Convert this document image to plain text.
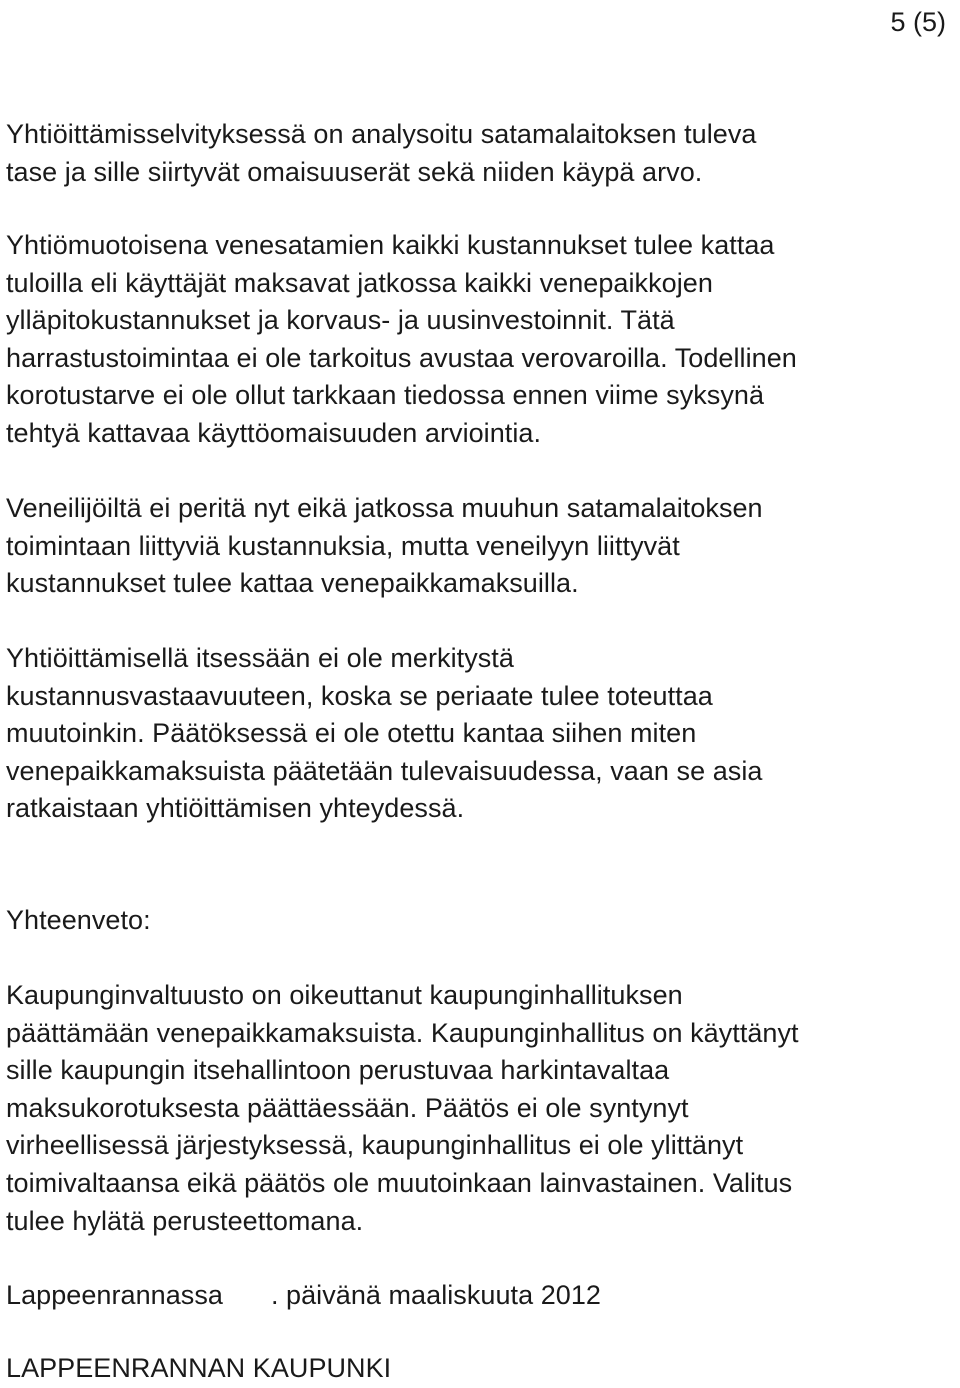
5 (5)

Yhtiöittämisselvityksessä on analysoitu satamalaitoksen tuleva
tase ja sille siirtyvät omaisuuserät sekä niiden käypä arvo.

Yhtiömuotoisena venesatamien kaikki kustannukset tulee kattaa
tuloilla eli käyttäjät maksavat jatkossa kaikki venepaikkojen
ylläpitokustannukset ja korvaus- ja uusinvestoinnit. Tätä
harrastustoimintaa ei ole tarkoitus avustaa verovaroilla. Todellinen
korotustarve ei ole ollut tarkkaan tiedossa ennen viime syksynä
tehtyä kattavaa käyttöomaisuuden arviointia.

Veneilijöiltä ei peritä nyt eikä jatkossa muuhun satamalaitoksen
toimintaan liittyviä kustannuksia, mutta veneilyyn liittyvät
kustannukset tulee kattaa venepaikkamaksuilla.

Yhtiöittämisellä itsessään ei ole merkitystä
kustannusvastaavuuteen, koska se periaate tulee toteuttaa
muutoinkin. Päätöksessä ei ole otettu kantaa siihen miten
venepaikkamaksuista päätetään tulevaisuudessa, vaan se asia
ratkaistaan yhtiöittämisen yhteydessä.

Yhteenveto:

Kaupunginvaltuusto on oikeuttanut kaupunginhallituksen
päättämään venepaikkamaksuista. Kaupunginhallitus on käyttänyt
sille kaupungin itsehallintoon perustuvaa harkintavaltaa
maksukorotuksesta päättäessään. Päätös ei ole syntynyt
virheellisessä järjestyksessä, kaupunginhallitus ei ole ylittänyt
toimivaltaansa eikä päätös ole muutoinkaan lainvastainen. Valitus
tulee hylätä perusteettomana.

Lappeenrannassa . päivänä maaliskuuta 2012

LAPPEENRANNAN KAUPUNKI
